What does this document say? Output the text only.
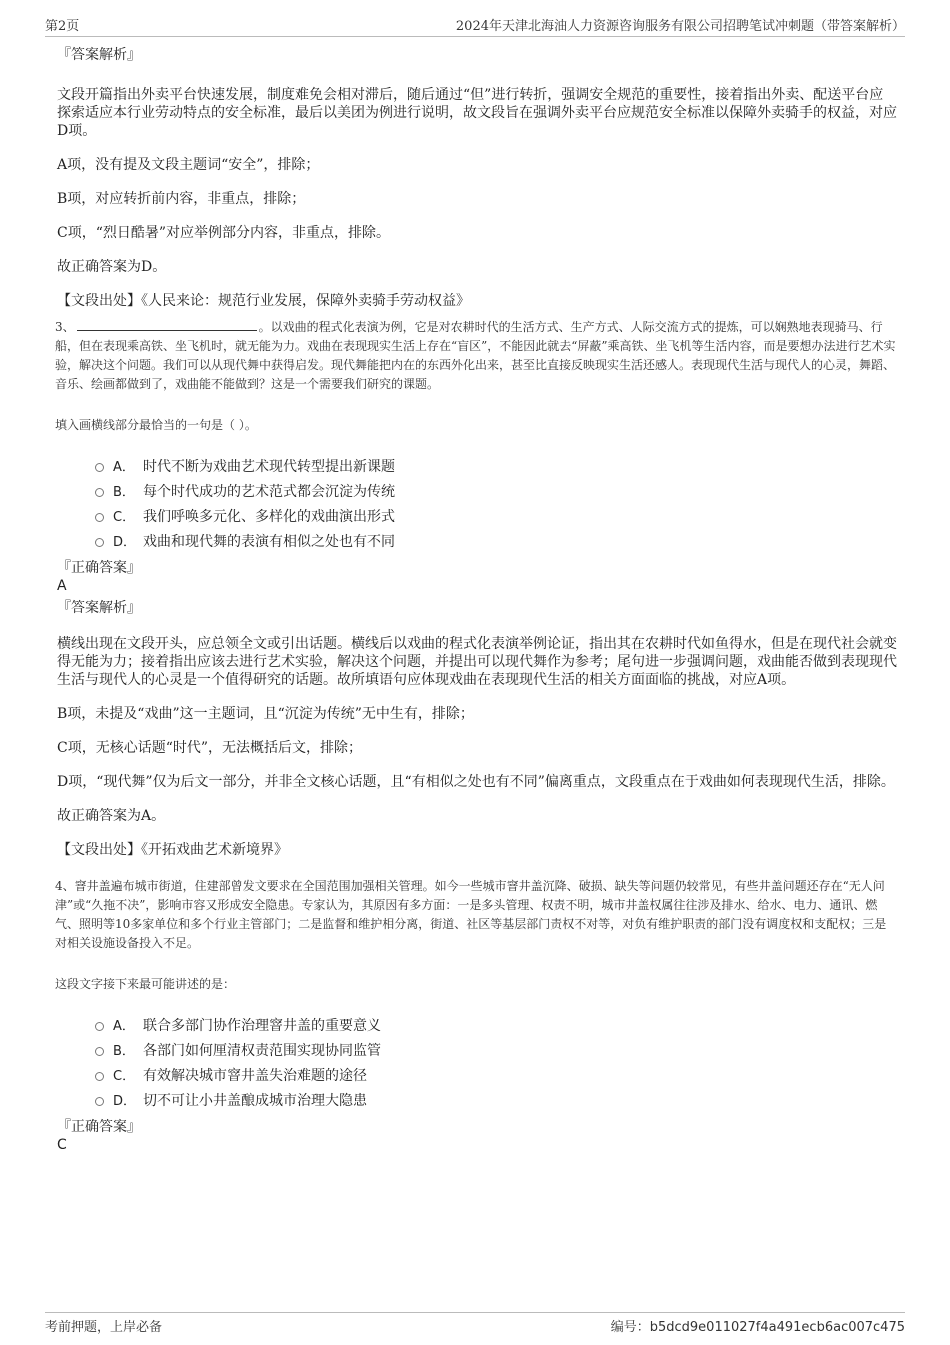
第2页	2024年天津北海油人力资源咨询服务有限公司招聘笔试冲刺题（带答案解析）
『答案解析』

文段开篇指出外卖平台快速发展，制度难免会相对滞后，随后通过“但”进行转折，强调安全规范的重要性，接着指出外卖、配送平台应探索适应本行业劳动特点的安全标准，最后以美团为例进行说明，故文段旨在强调外卖平台应规范安全标准以保障外卖骑手的权益，对应D项。

A项，没有提及文段主题词“安全”，排除；

B项，对应转折前内容，非重点，排除；

C项，“烈日酷暑”对应举例部分内容，非重点，排除。

故正确答案为D。

【文段出处】《人民来论：规范行业发展，保障外卖骑手劳动权益》

3、	。以戏曲的程式化表演为例，它是对农耕时代的生活方式、生产方式、人际交流方式的提炼，可以娴熟地表现骑马、行船，但在表现乘高铁、坐飞机时，就无能为力。戏曲在表现现实生活上存在“盲区”，不能因此就去“屏蔽”乘高铁、坐飞机等生活内容，而是要想办法进行艺术实验，解决这个问题。我们可以从现代舞中获得启发。现代舞能把内在的东西外化出来，甚至比直接反映现实生活还感人。表现现代生活与现代人的心灵，舞蹈、音乐、绘画都做到了，戏曲能不能做到？这是一个需要我们研究的课题。
填入画横线部分最恰当的一句是（ ）。
A． 时代不断为戏曲艺术现代转型提出新课题
B． 每个时代成功的艺术范式都会沉淀为传统
C． 我们呼唤多元化、多样化的戏曲演出形式
D． 戏曲和现代舞的表演有相似之处也有不同
『正确答案』
A
『答案解析』

横线出现在文段开头，应总领全文或引出话题。横线后以戏曲的程式化表演举例论证，指出其在农耕时代如鱼得水，但是在现代社会就变得无能为力；接着指出应该去进行艺术实验，解决这个问题，并提出可以现代舞作为参考；尾句进一步强调问题，戏曲能否做到表现现代生活与现代人的心灵是一个值得研究的话题。故所填语句应体现戏曲在表现现代生活的相关方面面临的挑战，对应A项。

B项，未提及“戏曲”这一主题词，且“沉淀为传统”无中生有，排除；

C项，无核心话题“时代”，无法概括后文，排除；

D项，“现代舞”仅为后文一部分，并非全文核心话题，且“有相似之处也有不同”偏离重点，文段重点在于戏曲如何表现现代生活，排除。

故正确答案为A。

【文段出处】《开拓戏曲艺术新境界》

4、窨井盖遍布城市街道，住建部曾发文要求在全国范围加强相关管理。如今一些城市窨井盖沉降、破损、缺失等问题仍较常见，有些井盖问题还存在“无人问津”或“久拖不决”，影响市容又形成安全隐患。专家认为，其原因有多方面：一是多头管理、权责不明，城市井盖权属往往涉及排水、给水、电力、通讯、燃气、照明等10多家单位和多个行业主管部门；二是监督和维护相分离，街道、社区等基层部门责权不对等，对负有维护职责的部门没有调度权和支配权；三是对相关设施设备投入不足。
这段文字接下来最可能讲述的是：
A． 联合多部门协作治理窨井盖的重要意义
B． 各部门如何厘清权责范围实现协同监管
C． 有效解决城市窨井盖失治难题的途径
D． 切不可让小井盖酿成城市治理大隐患
『正确答案』
C
考前押题，上岸必备	编号：b5dcd9e011027f4a491ecb6ac007c475
